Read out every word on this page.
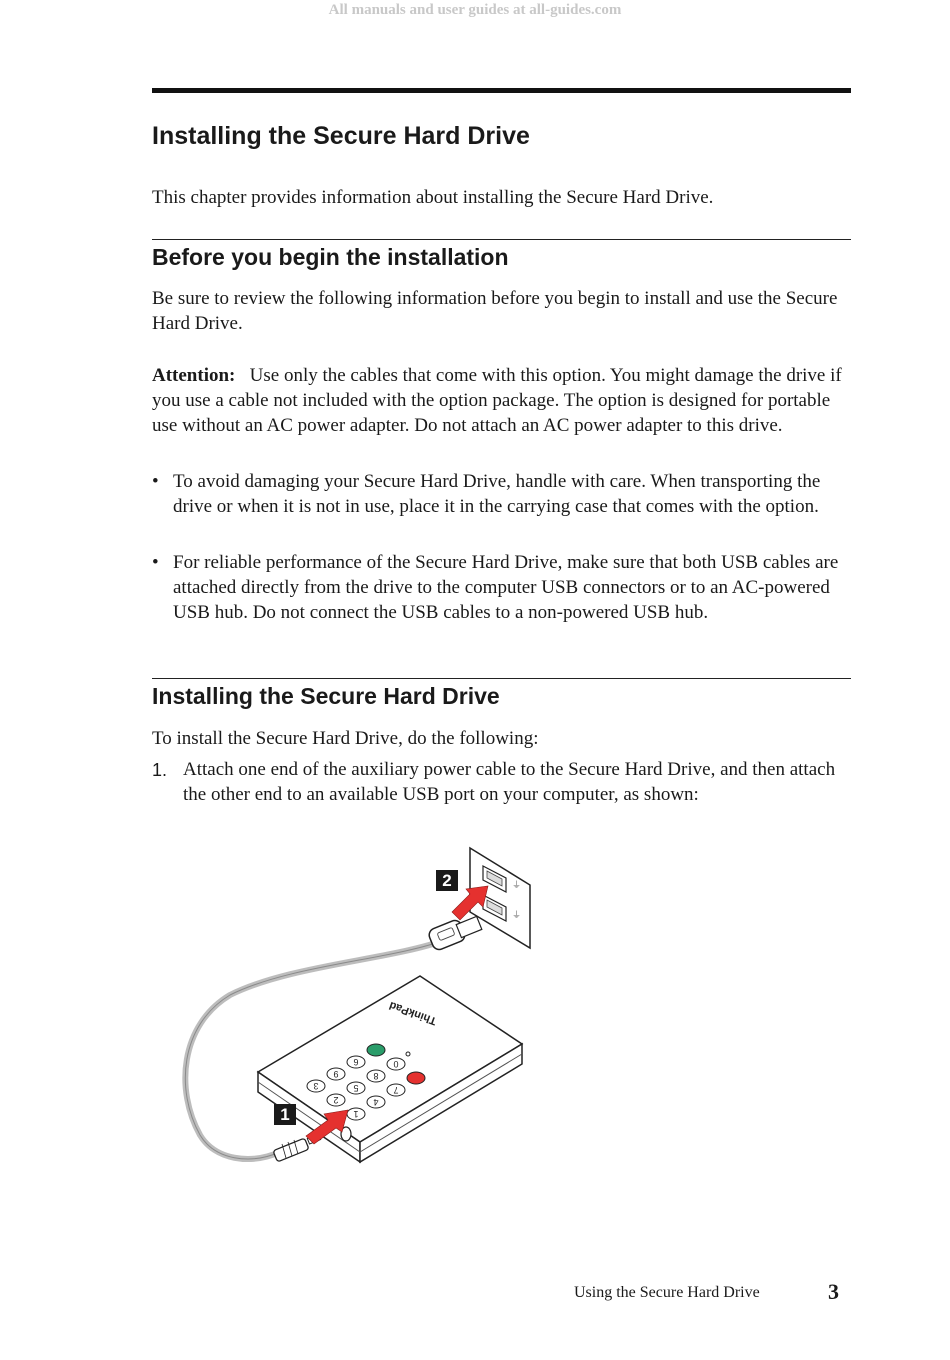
All manuals and user guides at all-guides.com
Installing the Secure Hard Drive

This chapter provides information about installing the Secure Hard Drive.

Before you begin the installation

Be sure to review the following information before you begin to install and use the Secure Hard Drive.

Attention: Use only the cables that come with this option. You might damage the drive if you use a cable not included with the option package. The option is designed for portable use without an AC power adapter. Do not attach an AC power adapter to this drive.

• To avoid damaging your Secure Hard Drive, handle with care. When transporting the drive or when it is not in use, place it in the carrying case that comes with the option.
• For reliable performance of the Secure Hard Drive, make sure that both USB cables are attached directly from the drive to the computer USB connectors or to an AC-powered USB hub. Do not connect the USB cables to a non-powered USB hub.
Installing the Secure Hard Drive

To install the Secure Hard Drive, do the following:

1. Attach one end of the auxiliary power cable to the Secure Hard Drive, and then attach the other end to an available USB port on your computer, as shown:
⏚
⏚
2
ThinkPad
6
9
3
0
8
5
2
7
4
1
1
Using the Secure Hard Drive	3
